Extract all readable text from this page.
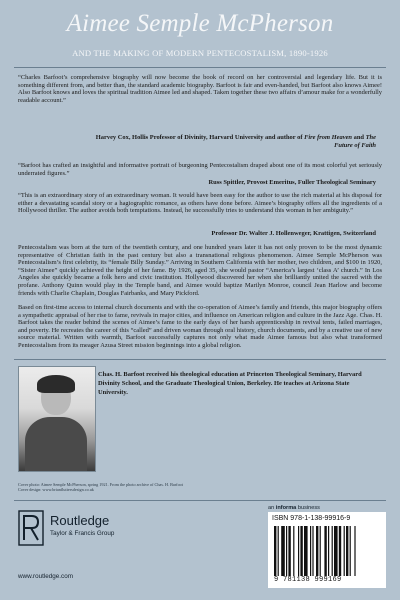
Aimee Semple McPherson
AND THE MAKING OF MODERN PENTECOSTALISM, 1890-1926

“Charles Barfoot’s comprehensive biography will now become the book of record on her controversial and legendary life. But it is something different from, and better than, the standard academic biography. Barfoot is fair and even-handed, but Barfoot also knows Aimee! Also Barfoot knows and loves the spiritual tradition Aimee led and shaped. Taken together these two affairs d’amour make for a wonderfully readable account.”

Harvey Cox, Hollis Professor of Divinity, Harvard University and author of Fire from Heaven and The Future of Faith

“Barfoot has crafted an insightful and informative portrait of burgeoning Pentecostalism draped about one of its most colorful yet seriously underrated figures.”

Russ Spittler, Provost Emeritus, Fuller Theological Seminary

“This is an extraordinary story of an extraordinary woman. It would have been easy for the author to use the rich material at his disposal for either a devastating scandal story or a hagiographic romance, as others have done before. Aimee’s biography offers all the ingredients of a Hollywood thriller. The author avoids both temptations. Instead, he successfully tries to understand this woman in her ambiguity.”

Professor Dr. Walter J. Hollenweger, Krattigen, Switzerland

Pentecostalism was born at the turn of the twentieth century, and one hundred years later it has not only proven to be the most dynamic representative of Christian faith in the past century but also a transnational religious phenomenon. Aimee Semple McPherson was Pentecostalism’s first celebrity, its “female Billy Sunday.” Arriving in Southern California with her mother, two children, and $100 in 1920, “Sister Aimee” quickly achieved the height of her fame. By 1926, aged 35, she would pastor “America’s largest ‘class A’ church.” In Los Angeles she quickly became a folk hero and civic institution. Hollywood discovered her when she brilliantly united the sacred with the profane. Anthony Quinn would play in the Temple band, and Aimee would baptize Marilyn Monroe, council Jean Harlow and become friends with Charlie Chaplain, Douglas Fairbanks, and Mary Pickford.

Based on first-time access to internal church documents and with the co-operation of Aimee’s family and friends, this major biography offers a sympathetic appraisal of her rise to fame, revivals in major cities, and influence on American religion and culture in the Jazz Age. Chas. H. Barfoot takes the reader behind the scenes of Aimee’s fame to the early days of her harsh apprenticeship in revival tents, failed marriages, and poverty. He recreates the career of this “called” and driven woman through oral history, church documents, and by a creative use of new source material. Written with warmth, Barfoot successfully captures not only what made Aimee famous but also what transformed Pentecostalism from its meager Azusa Street mission beginnings into a global religion.

Chas. H. Barfoot received his theological education at Princeton Theological Seminary, Harvard Divinity School, and the Graduate Theological Union, Berkeley. He teaches at Arizona State University.

Cover photo: Aimee Semple McPherson, spring 1921. From the photo archive of Chas. H. Barfoot
Cover design: www.brianfluttersdesign.co.uk
Routledge
Taylor & Francis Group
www.routledge.com
an informa business
ISBN 978-1-138-99916-9
9 781138 999169
